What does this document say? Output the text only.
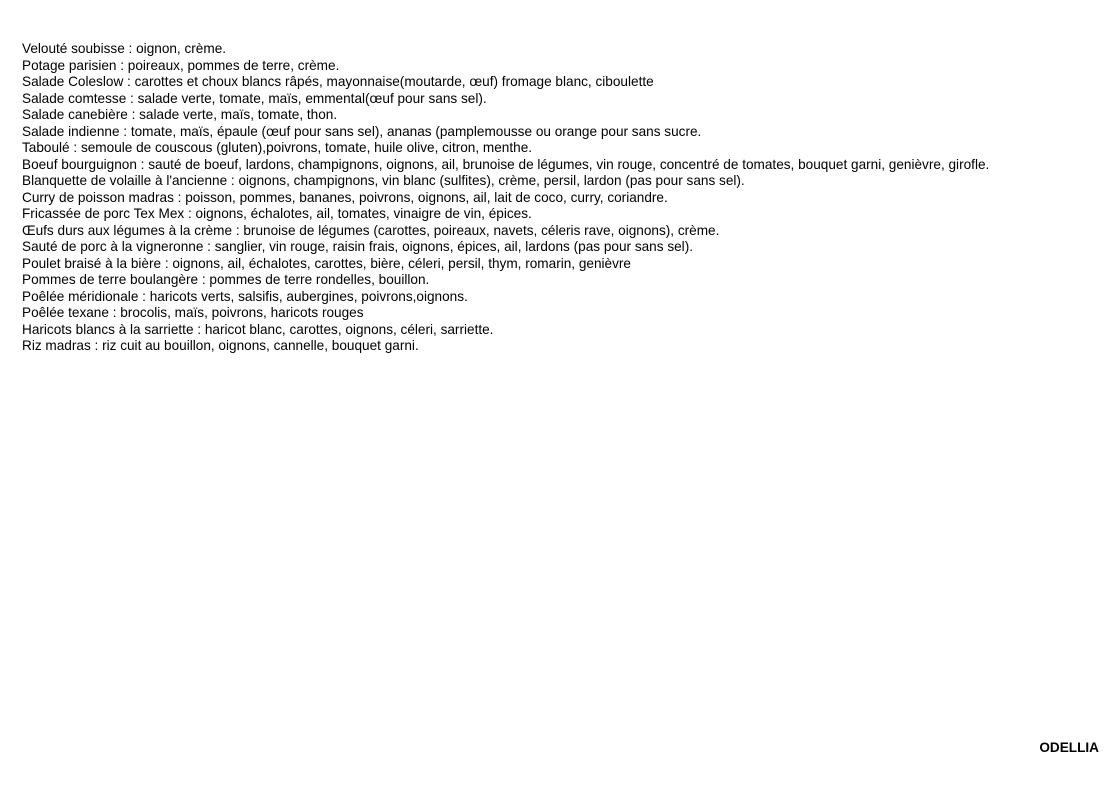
Velouté soubisse : oignon, crème.
Potage parisien : poireaux, pommes de terre, crème.
Salade Coleslow : carottes et choux blancs râpés, mayonnaise(moutarde, œuf) fromage blanc, ciboulette
Salade comtesse : salade verte, tomate, maïs, emmental(œuf pour sans sel).
Salade canebière : salade verte, maïs, tomate, thon.
Salade indienne : tomate, maïs, épaule (œuf pour sans sel), ananas (pamplemousse ou orange pour sans sucre.
Taboulé : semoule de couscous (gluten),poivrons, tomate, huile olive, citron, menthe.
Boeuf bourguignon : sauté de boeuf, lardons, champignons, oignons, ail, brunoise de légumes, vin rouge, concentré de tomates, bouquet garni, genièvre, girofle.
Blanquette de volaille à l'ancienne : oignons, champignons, vin blanc (sulfites), crème, persil, lardon (pas pour sans sel).
Curry de poisson madras : poisson, pommes, bananes, poivrons, oignons, ail, lait de coco, curry, coriandre.
Fricassée de porc Tex Mex : oignons, échalotes, ail, tomates, vinaigre de vin, épices.
Œufs durs aux légumes à la crème : brunoise de légumes (carottes, poireaux, navets, céleris rave, oignons), crème.
Sauté de porc à la vigneronne : sanglier, vin rouge, raisin frais, oignons, épices, ail, lardons (pas pour sans sel).
Poulet braisé à la bière : oignons, ail, échalotes, carottes, bière, céleri, persil, thym, romarin, genièvre
Pommes de terre boulangère : pommes de terre rondelles, bouillon.
Poêlée méridionale : haricots verts, salsifis, aubergines, poivrons,oignons.
Poêlée texane : brocolis, maïs, poivrons, haricots rouges
Haricots blancs à la sarriette : haricot blanc, carottes, oignons, céleri, sarriette.
Riz madras : riz cuit au bouillon, oignons, cannelle, bouquet garni.
ODELLIA
